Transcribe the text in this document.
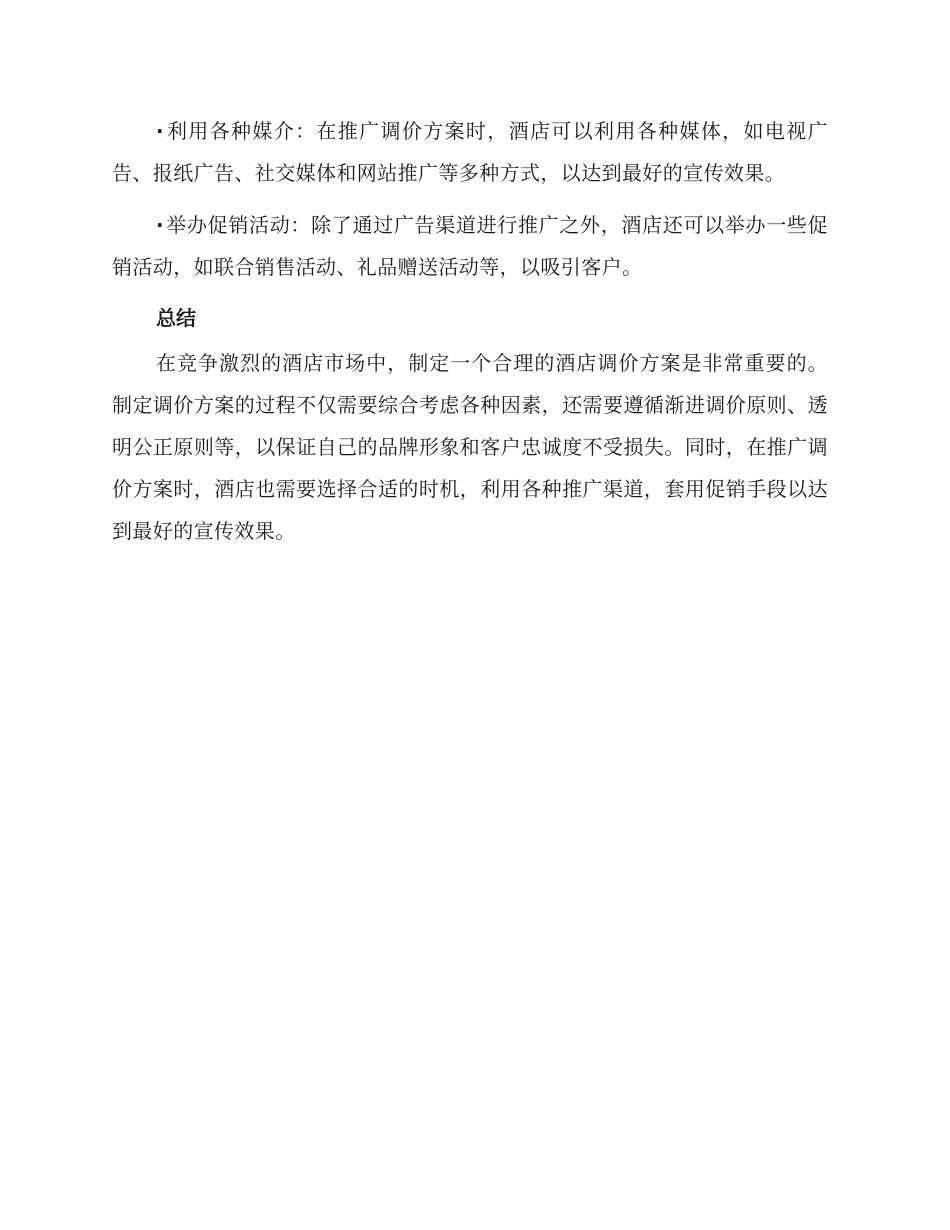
· 利用各种媒介：在推广调价方案时，酒店可以利用各种媒体，如电视广告、报纸广告、社交媒体和网站推广等多种方式，以达到最好的宣传效果。

· 举办促销活动：除了通过广告渠道进行推广之外，酒店还可以举办一些促销活动，如联合销售活动、礼品赠送活动等，以吸引客户。

总结

在竞争激烈的酒店市场中，制定一个合理的酒店调价方案是非常重要的。制定调价方案的过程不仅需要综合考虑各种因素，还需要遵循渐进调价原则、透明公正原则等，以保证自己的品牌形象和客户忠诚度不受损失。同时，在推广调价方案时，酒店也需要选择合适的时机，利用各种推广渠道，套用促销手段以达到最好的宣传效果。
